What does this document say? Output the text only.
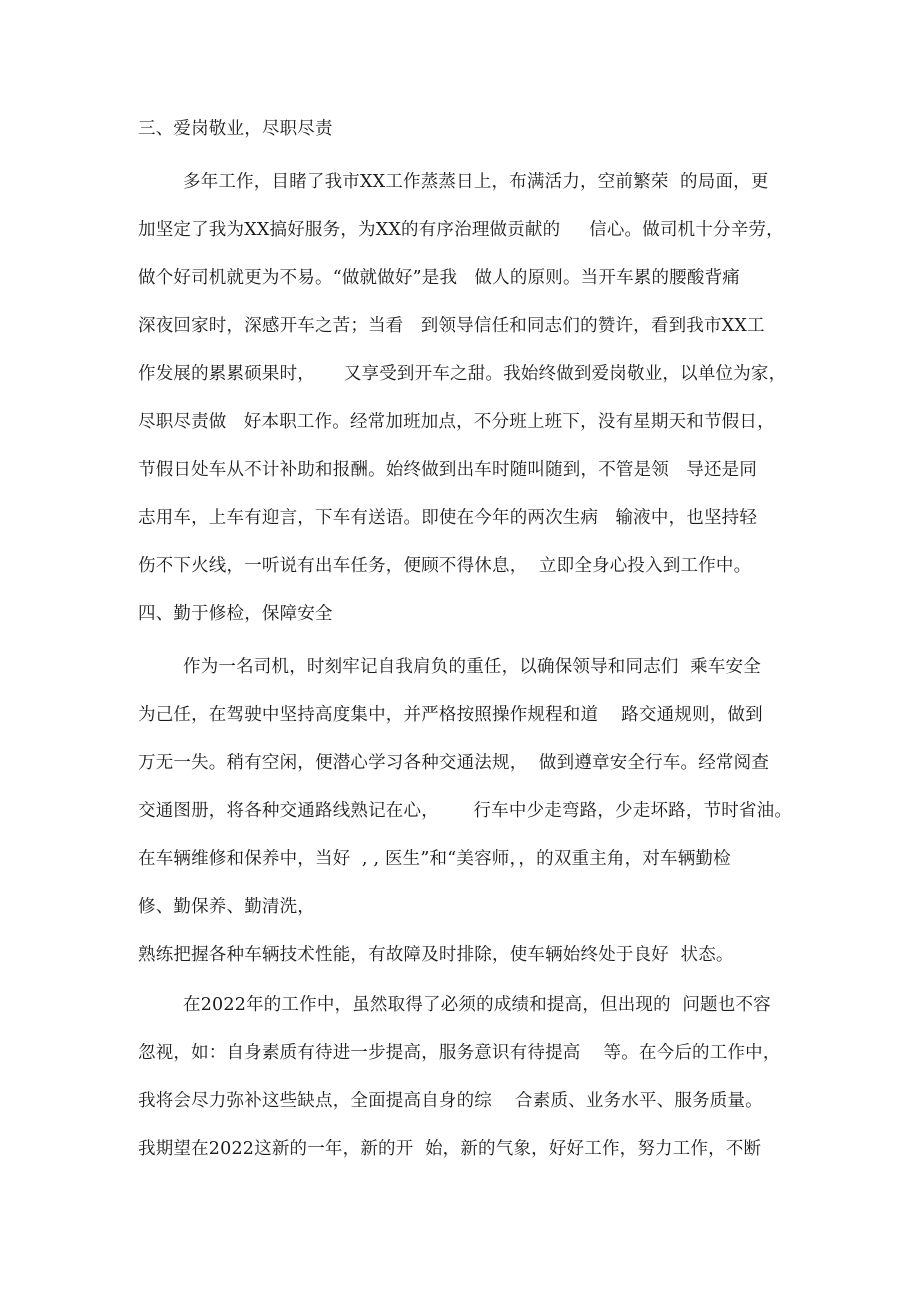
三、爱岗敬业，尽职尽责
多年工作，目睹了我市XX工作蒸蒸日上，布满活力，空前繁荣  的局面，更
加坚定了我为XX搞好服务，为XX的有序治理做贡献的     信心。做司机十分辛劳，
做个好司机就更为不易。“做就做好”是我   做人的原则。当开车累的腰酸背痛
深夜回家时，深感开车之苦；当看   到领导信任和同志们的赞许，看到我市XX工
作发展的累累硕果时，     又享受到开车之甜。我始终做到爱岗敬业，以单位为家，
尽职尽责做   好本职工作。经常加班加点，不分班上班下，没有星期天和节假日，
节假日处车从不计补助和报酬。始终做到出车时随叫随到，不管是领   导还是同
志用车，上车有迎言，下车有送语。即使在今年的两次生病   输液中，也坚持轻
伤不下火线，一听说有出车任务，便顾不得休息，  立即全身心投入到工作中。
四、勤于修检，保障安全
作为一名司机，时刻牢记自我肩负的重任，以确保领导和同志们  乘车安全
为己任，在驾驶中坚持高度集中，并严格按照操作规程和道    路交通规则，做到
万无一失。稍有空闲，便潜心学习各种交通法规，  做到遵章安全行车。经常阅查
交通图册，将各种交通路线熟记在心，      行车中少走弯路，少走坏路，节时省油。
在车辆维修和保养中，当好  , , 医生”和“美容师，，的双重主角，对车辆勤检
修、勤保养、勤清洗，
熟练把握各种车辆技术性能，有故障及时排除，使车辆始终处于良好  状态。
在2022年的工作中，虽然取得了必须的成绩和提高，但出现的  问题也不容
忽视，如：自身素质有待进一步提高，服务意识有待提高    等。在今后的工作中，
我将会尽力弥补这些缺点，全面提高自身的综    合素质、业务水平、服务质量。
我期望在2022这新的一年，新的开  始，新的气象，好好工作，努力工作，不断
